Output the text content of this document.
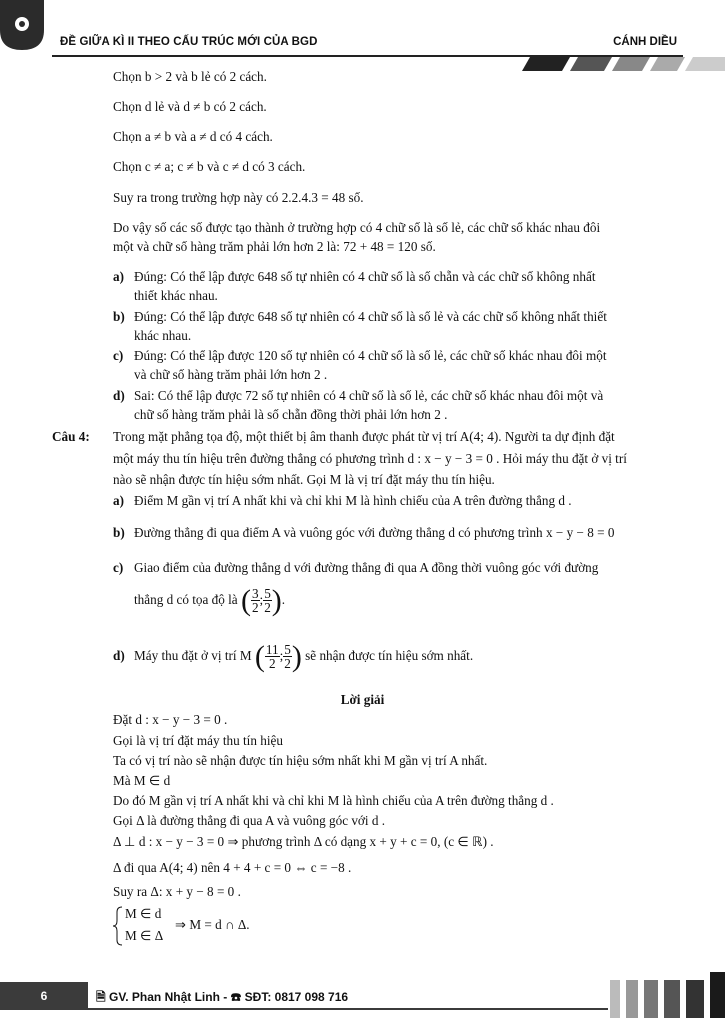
ĐỀ GIỮA KÌ II THEO CẤU TRÚC MỚI CỦA BGD	CÁNH DIỀU
Chọn b > 2 và b lẻ có 2 cách.
Chọn d lẻ và d ≠ b có 2 cách.
Chọn a ≠ b và a ≠ d có 4 cách.
Chọn c ≠ a; c ≠ b và c ≠ d có 3 cách.
Suy ra trong trường hợp này có 2.2.4.3 = 48 số.
Do vậy số các số được tạo thành ở trường hợp có 4 chữ số là số lẻ, các chữ số khác nhau đôi
một và chữ số hàng trăm phải lớn hơn 2 là: 72 + 48 = 120 số.
a) Đúng: Có thể lập được 648 số tự nhiên có 4 chữ số là số chẵn và các chữ số không nhất
thiết khác nhau.
b) Đúng: Có thể lập được 648 số tự nhiên có 4 chữ số là số lẻ và các chữ số không nhất thiết
khác nhau.
c) Đúng: Có thể lập được 120 số tự nhiên có 4 chữ số là số lẻ, các chữ số khác nhau đôi một
và chữ số hàng trăm phải lớn hơn 2 .
d) Sai: Có thể lập được 72 số tự nhiên có 4 chữ số là số lẻ, các chữ số khác nhau đôi một và
chữ số hàng trăm phải là số chẵn đồng thời phải lớn hơn 2 .
Câu 4: Trong mặt phẳng tọa độ, một thiết bị âm thanh được phát từ vị trí A(4; 4). Người ta dự định đặt
một máy thu tín hiệu trên đường thẳng có phương trình d : x − y − 3 = 0 . Hỏi máy thu đặt ở vị trí
nào sẽ nhận được tín hiệu sớm nhất. Gọi M là vị trí đặt máy thu tín hiệu.
a) Điểm M gần vị trí A nhất khi và chỉ khi M là hình chiếu của A trên đường thẳng d .
b) Đường thẳng đi qua điểm A và vuông góc với đường thẳng d có phương trình x − y − 8 = 0
c) Giao điểm của đường thẳng d với đường thẳng đi qua A đồng thời vuông góc với đường
thẳng d có tọa độ là ( $\frac{3}{2}$ ; $\frac{5}{2}$ ).
d) Máy thu đặt ở vị trí M ( $\frac{11}{2}$ ; $\frac{5}{2}$ ) sẽ nhận được tín hiệu sớm nhất.
Lời giải
Đặt d : x − y − 3 = 0 .
Gọi là vị trí đặt máy thu tín hiệu
Ta có vị trí nào sẽ nhận được tín hiệu sớm nhất khi M gần vị trí A nhất.
Mà M ∈ d
Do đó M gần vị trí A nhất khi và chỉ khi M là hình chiếu của A trên đường thẳng d .
Gọi Δ là đường thẳng đi qua A và vuông góc với d .
Δ ⊥ d : x − y − 3 = 0 ⇒ phương trình Δ có dạng x + y + c = 0, (c ∈ ℝ) .
Δ đi qua A(4; 4) nên 4 + 4 + c = 0 ⇔ c = −8 .
Suy ra Δ: x + y − 8 = 0 .
M ∈ d
M ∈ Δ
⇒ M = d ∩ Δ.
6	🗎 GV. Phan Nhật Linh - ☎ SĐT: 0817 098 716
